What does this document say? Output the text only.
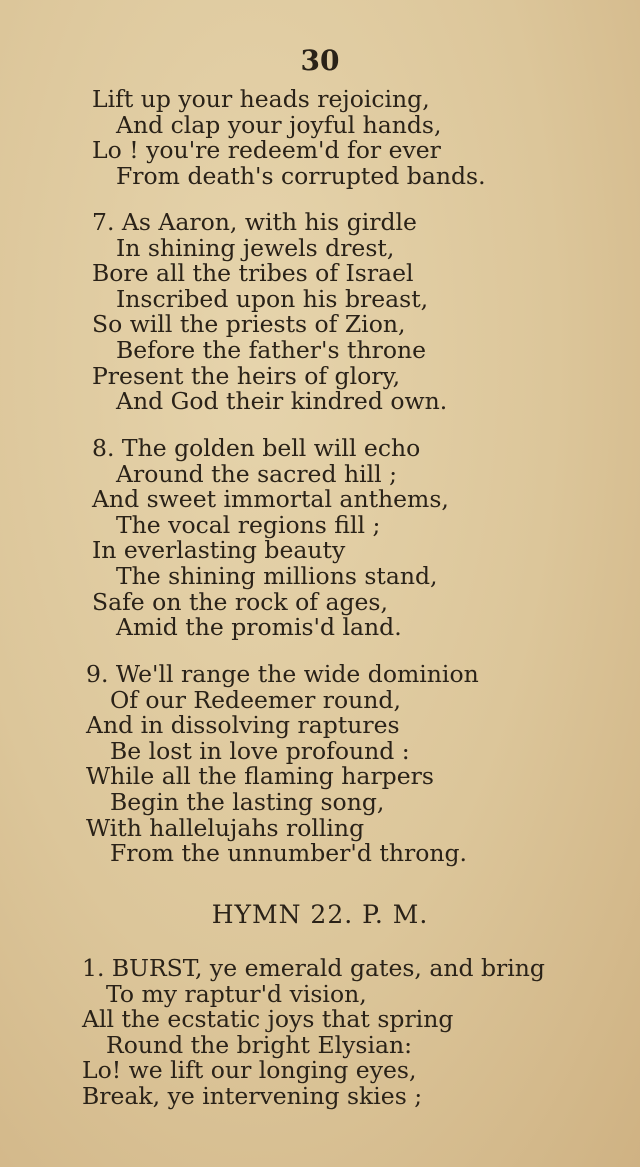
30
Lift up your heads rejoicing,
And clap your joyful hands,
Lo ! you're redeem'd for ever
From death's corrupted bands.
7. As Aaron, with his girdle
In shining jewels drest,
Bore all the tribes of Israel
Inscribed upon his breast,
So will the priests of Zion,
Before the father's throne
Present the heirs of glory,
And God their kindred own.
8. The golden bell will echo
Around the sacred hill ;
And sweet immortal anthems,
The vocal regions fill ;
In everlasting beauty
The shining millions stand,
Safe on the rock of ages,
Amid the promis'd land.
9. We'll range the wide dominion
Of our Redeemer round,
And in dissolving raptures
Be lost in love profound :
While all the flaming harpers
Begin the lasting song,
With hallelujahs rolling
From the unnumber'd throng.
HYMN 22. P. M.
1. BURST, ye emerald gates, and bring
To my raptur'd vision,
All the ecstatic joys that spring
Round the bright Elysian:
Lo! we lift our longing eyes,
Break, ye intervening skies ;
